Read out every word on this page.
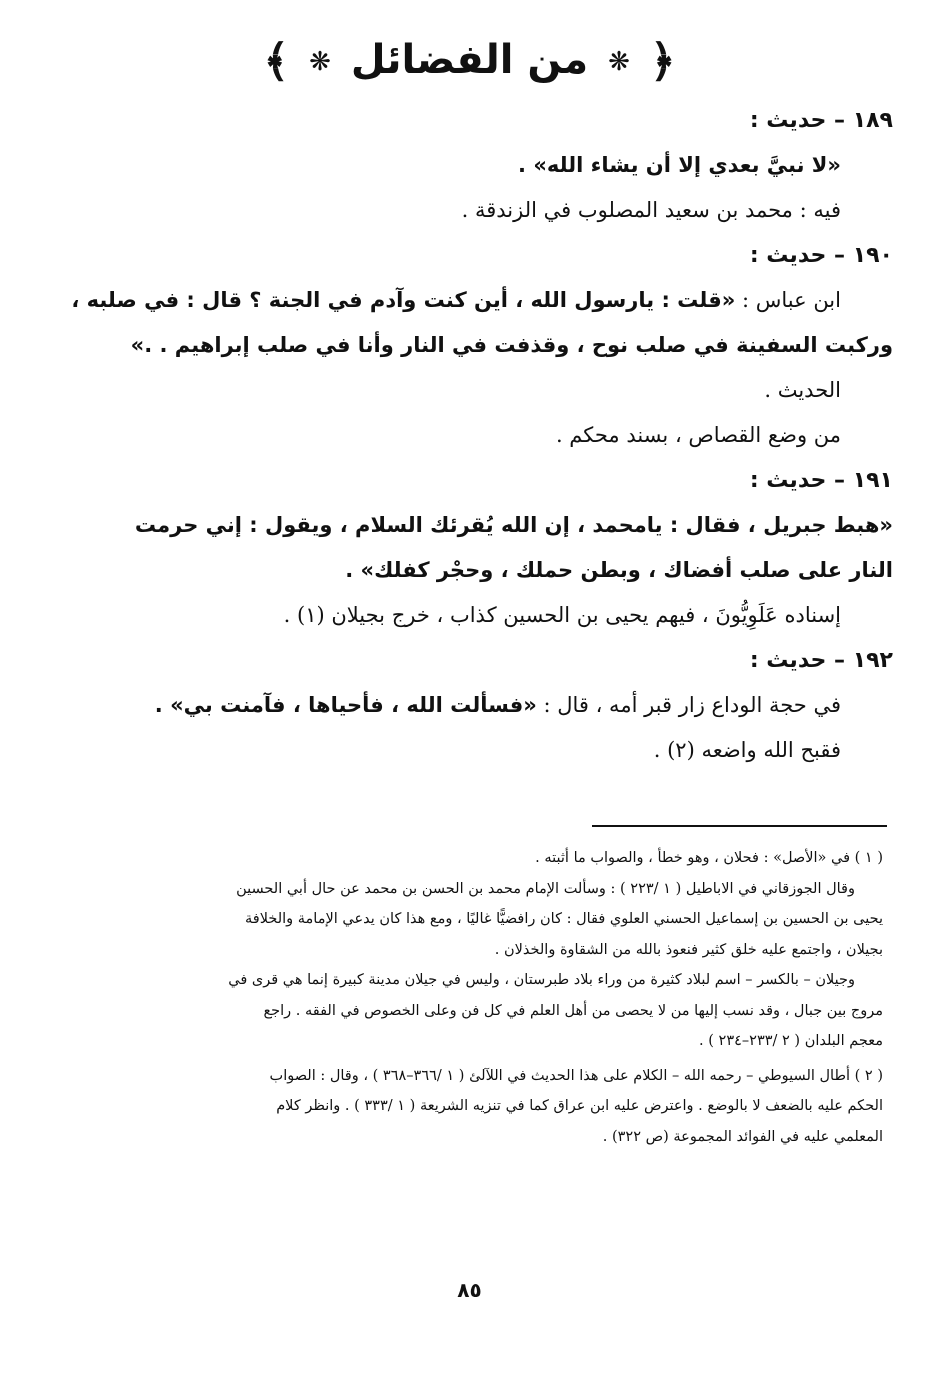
﴿ ❋ من الفضائل ❋ ﴾
١٨٩ – حديث :
«لا نبيَّ بعدي إلا أن يشاء الله» .
فيه : محمد بن سعيد المصلوب في الزندقة .
١٩٠ – حديث :
ابن عباس : «قلت : يارسول الله ، أين كنت وآدم في الجنة ؟ قال : في صلبه ،
وركبت السفينة في صلب نوح ، وقذفت في النار وأنا في صلب إبراهيم . .»
الحديث .
من وضع القصاص ، بسند محكم .
١٩١ – حديث :
«هبط جبريل ، فقال : يامحمد ، إن الله يُقرئك السلام ، ويقول : إني حرمت
النار على صلب أفضاك ، وبطن حملك ، وحجْر كفلك» .
إسناده عَلَوِيُّونَ ، فيهم يحيى بن الحسين كذاب ، خرج بجيلان (١) .
١٩٢ – حديث :
في حجة الوداع زار قبر أمه ، قال : «فسألت الله ، فأحياها ، فآمنت بي» .
فقبح الله واضعه (٢) .
( ١ ) في «الأصل» : فحلان ، وهو خطأ ، والصواب ما أثبته .
وقال الجوزقاني في الاباطيل ( ١ /٢٢٣ ) : وسألت الإمام محمد بن الحسن بن محمد عن حال أبي الحسين
يحيى بن الحسين بن إسماعيل الحسني العلوي فقال : كان رافضيًّا غاليًا ، ومع هذا كان يدعي الإمامة والخلافة
بجيلان ، واجتمع عليه خلق كثير فنعوذ بالله من الشقاوة والخذلان .
وجيلان – بالكسر – اسم لبلاد كثيرة من وراء بلاد طبرستان ، وليس في جيلان مدينة كبيرة إنما هي قرى في
مروج بين جبال ، وقد نسب إليها من لا يحصى من أهل العلم في كل فن وعلى الخصوص في الفقه . راجع
معجم البلدان ( ٢ /٢٣٣–٢٣٤ ) .
( ٢ ) أطال السيوطي – رحمه الله – الكلام على هذا الحديث في اللآلئ ( ١ /٣٦٦–٣٦٨ ) ، وقال : الصواب
الحكم عليه بالضعف لا بالوضع . واعترض عليه ابن عراق كما في تنزيه الشريعة ( ١ /٣٣٣ ) . وانظر كلام
المعلمي عليه في الفوائد المجموعة (ص ٣٢٢) .
٨٥
